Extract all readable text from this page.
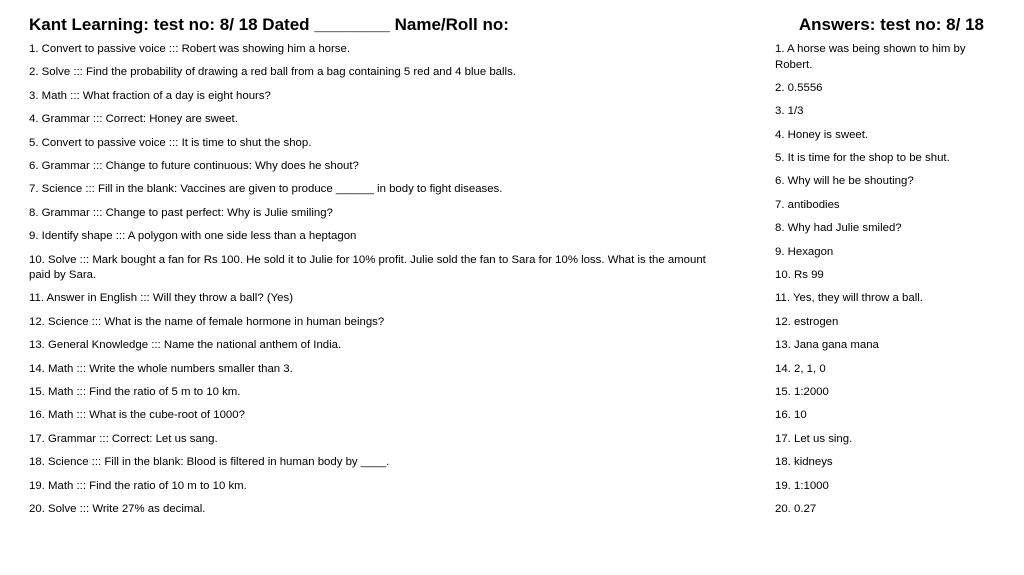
Kant Learning: test no: 8/ 18 Dated ________ Name/Roll no:	Answers: test no: 8/ 18
1. Convert to passive voice ::: Robert was showing him a horse.
2. Solve ::: Find the probability of drawing a red ball from a bag containing 5 red and 4 blue balls.
3. Math ::: What fraction of a day is eight hours?
4. Grammar ::: Correct: Honey are sweet.
5. Convert to passive voice ::: It is time to shut the shop.
6. Grammar ::: Change to future continuous: Why does he shout?
7. Science ::: Fill in the blank: Vaccines are given to produce ______ in body to fight diseases.
8. Grammar ::: Change to past perfect: Why is Julie smiling?
9. Identify shape ::: A polygon with one side less than a heptagon
10. Solve ::: Mark bought a fan for Rs 100. He sold it to Julie for 10% profit. Julie sold the fan to Sara for 10% loss. What is the amount paid by Sara.
11. Answer in English ::: Will they throw a ball? (Yes)
12. Science ::: What is the name of female hormone in human beings?
13. General Knowledge ::: Name the national anthem of India.
14. Math ::: Write the whole numbers smaller than 3.
15. Math ::: Find the ratio of 5 m to 10 km.
16. Math ::: What is the cube-root of 1000?
17. Grammar ::: Correct: Let us sang.
18. Science ::: Fill in the blank: Blood is filtered in human body by ____.
19. Math ::: Find the ratio of 10 m to 10 km.
20. Solve ::: Write 27% as decimal.
1. A horse was being shown to him by Robert.
2. 0.5556
3. 1/3
4. Honey is sweet.
5. It is time for the shop to be shut.
6. Why will he be shouting?
7. antibodies
8. Why had Julie smiled?
9. Hexagon
10. Rs 99
11. Yes, they will throw a ball.
12. estrogen
13. Jana gana mana
14. 2, 1, 0
15. 1:2000
16. 10
17. Let us sing.
18. kidneys
19. 1:1000
20. 0.27
